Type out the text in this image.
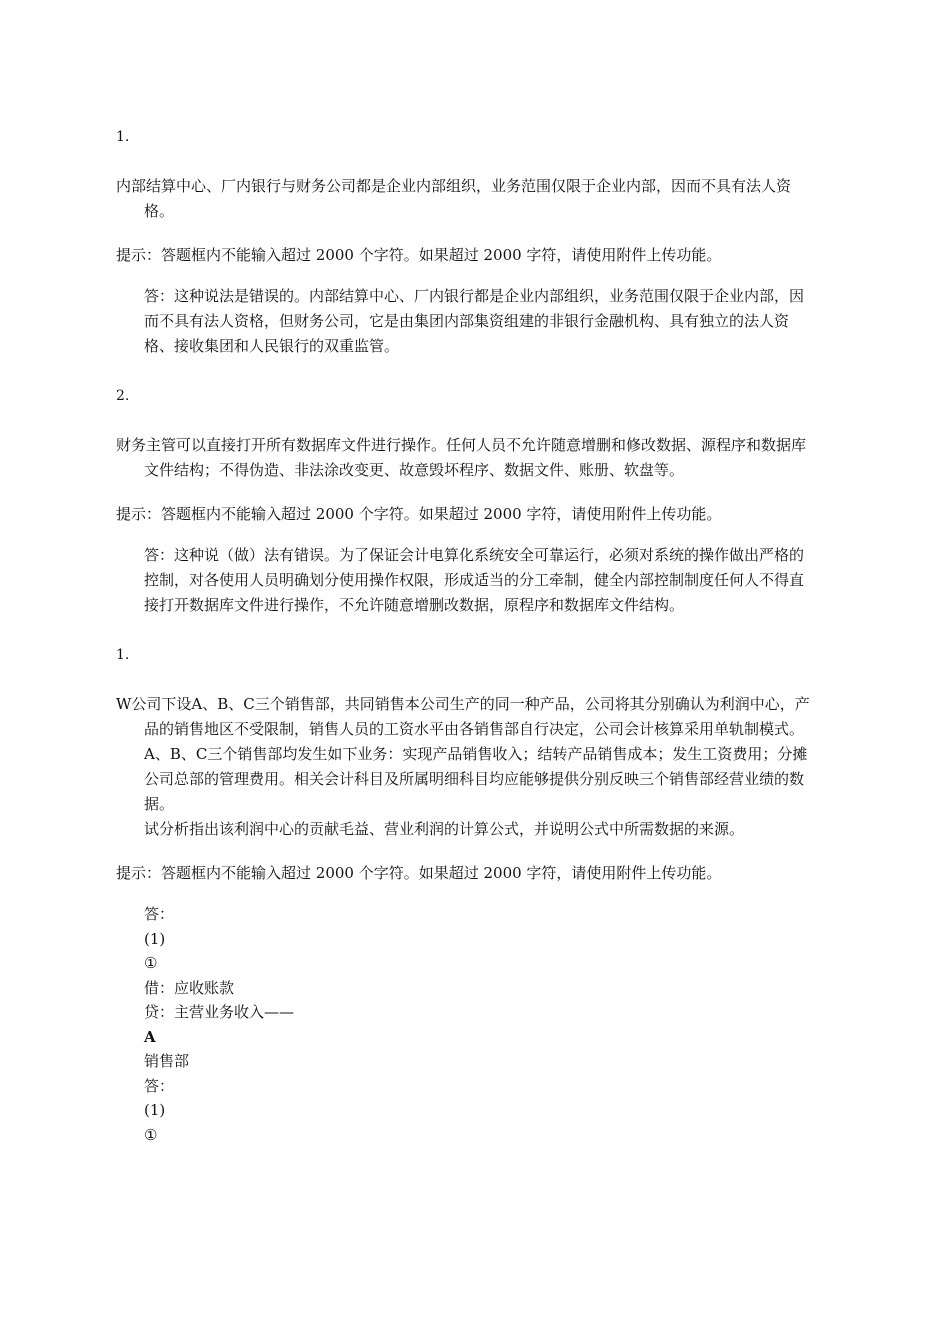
1.
内部结算中心、厂内银行与财务公司都是企业内部组织，业务范围仅限于企业内部，因而不具有法人资格。
提示：答题框内不能输入超过 2000 个字符。如果超过 2000 字符，请使用附件上传功能。
答：这种说法是错误的。内部结算中心、厂内银行都是企业内部组织，业务范围仅限于企业内部，因而不具有法人资格，但财务公司，它是由集团内部集资组建的非银行金融机构、具有独立的法人资格、接收集团和人民银行的双重监管。
2.
财务主管可以直接打开所有数据库文件进行操作。任何人员不允许随意增删和修改数据、源程序和数据库文件结构；不得伪造、非法涂改变更、故意毁坏程序、数据文件、账册、软盘等。
提示：答题框内不能输入超过 2000 个字符。如果超过 2000 字符，请使用附件上传功能。
答：这种说（做）法有错误。为了保证会计电算化系统安全可靠运行，必须对系统的操作做出严格的控制，对各使用人员明确划分使用操作权限，形成适当的分工牵制，健全内部控制制度任何人不得直接打开数据库文件进行操作，不允许随意增删改数据，原程序和数据库文件结构。
1.
W公司下设A、B、C三个销售部，共同销售本公司生产的同一种产品，公司将其分别确认为利润中心，产品的销售地区不受限制，销售人员的工资水平由各销售部自行决定，公司会计核算采用单轨制模式。A、B、C三个销售部均发生如下业务：实现产品销售收入；结转产品销售成本；发生工资费用；分摊公司总部的管理费用。相关会计科目及所属明细科目均应能够提供分别反映三个销售部经营业绩的数据。
试分析指出该利润中心的贡献毛益、营业利润的计算公式，并说明公式中所需数据的来源。
提示：答题框内不能输入超过 2000 个字符。如果超过 2000 字符，请使用附件上传功能。
答：
(1)
①
借：应收账款
贷：主营业务收入——
A
销售部
答：
(1)
①
